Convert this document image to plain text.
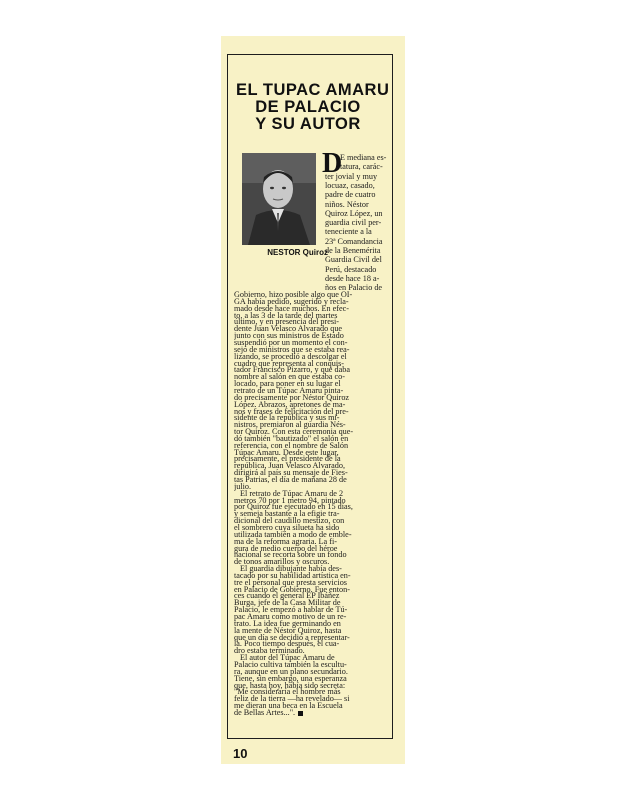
EL TUPAC AMARU
DE PALACIO
Y SU AUTOR
NESTOR Quiroz
D
E mediana es-
tatura, carác-
ter jovial y muy
locuaz, casado,
padre de cuatro
niños. Néstor
Quiroz López, un
guardia civil per-
teneciente a la
23ª Comandancia
de la Benemérita
Guardia Civil del
Perú, destacado
desde hace 18 a-
ños en Palacio de
Gobierno, hizo posible algo que OI-
GA había pedido, sugerido y recla-
mado desde hace muchos. En efec-
to, a las 3 de la tarde del martes
último, y en presencia del presi-
dente Juan Velasco Alvarado que
junto con sus ministros de Estado
suspendió por un momento el con-
sejo de ministros que se estaba rea-
lizando, se procedió a descolgar el
cuadro que representa al conquis-
tador Francisco Pizarro, y que daba
nombre al salón en que estaba co-
locado, para poner en su lugar el
retrato de un Túpac Amaru pinta-
do precisamente por Néstor Quiroz
López. Abrazos, apretones de ma-
nos y frases de felicitación del pre-
sidente de la república y sus mi-
nistros, premiaron al guardia Nés-
tor Quiroz. Con esta ceremonia que-
dó también "bautizado" el salón en
referencia, con el nombre de Salón
Túpac Amaru. Desde este lugar,
precisamente, el presidente de la
república, Juan Velasco Alvarado,
dirigirá al país su mensaje de Fies-
tas Patrias, el día de mañana 28 de
julio.
El retrato de Túpac Amaru de 2
metros 70 por 1 metro 94, pintado
por Quiroz fue ejecutado en 15 días,
y semeja bastante a la efigie tra-
dicional del caudillo mestizo, con
el sombrero cuya silueta ha sido
utilizada también a modo de emble-
ma de la reforma agraria. La fi-
gura de medio cuerpo del héroe
nacional se recorta sobre un fondo
de tonos amarillos y oscuros.
El guardia dibujante había des-
tacado por su habilidad artística en-
tre el personal que presta servicios
en Palacio de Gobierno. Fue enton-
ces cuando el general EP Ibáñez
Burga, jefe de la Casa Militar de
Palacio, le empezó a hablar de Tú-
pac Amaru como motivo de un re-
trato. La idea fue germinando en
la mente de Néstor Quiroz, hasta
que un día se decidió a representar-
la. Poco tiempo después, el cua-
dro estaba terminado.
El autor del Túpac Amaru de
Palacio cultiva también la escultu-
ra, aunque en un plano secundario.
Tiene, sin embargo, una esperanza
que, hasta hoy, había sido secreta:
"Me consideraría el hombre más
feliz de la tierra —ha revelado— si
me dieran una beca en la Escuela
de Bellas Artes...".
10
